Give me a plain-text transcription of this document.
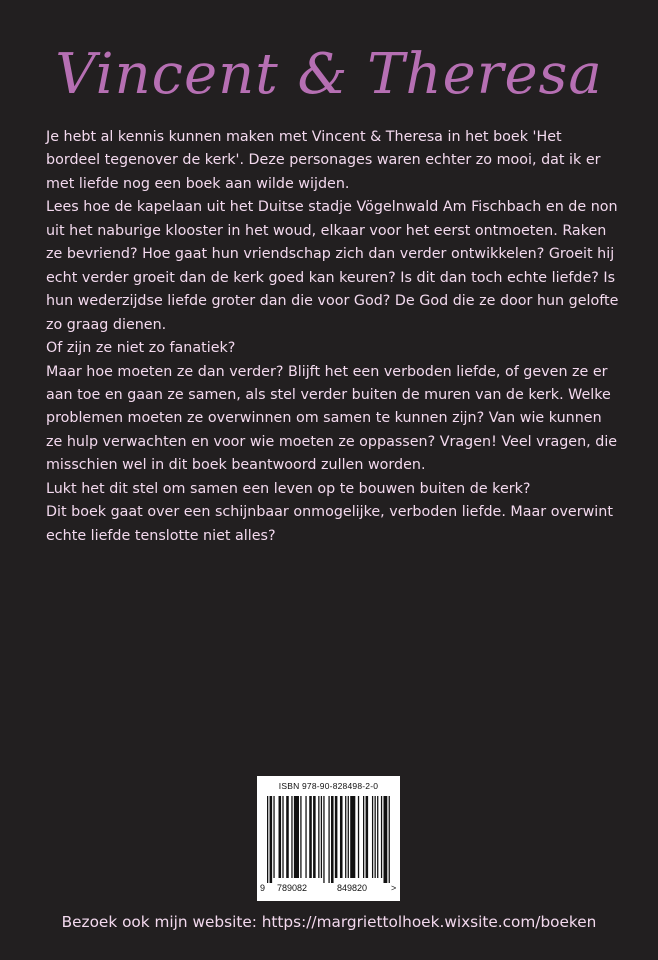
Vincent & Theresa

Je hebt al kennis kunnen maken met Vincent & Theresa in het boek 'Het bordeel tegenover de kerk'. Deze personages waren echter zo mooi, dat ik er met liefde nog een boek aan wilde wijden.

Lees hoe de kapelaan uit het Duitse stadje Vögelnwald Am Fischbach en de non uit het naburige klooster in het woud, elkaar voor het eerst ontmoeten. Raken ze bevriend? Hoe gaat hun vriendschap zich dan verder ontwikkelen? Groeit hij echt verder groeit dan de kerk goed kan keuren? Is dit dan toch echte liefde? Is hun wederzijdse liefde groter dan die voor God? De God die ze door hun gelofte zo graag dienen.

Of zijn ze niet zo fanatiek?

Maar hoe moeten ze dan verder? Blijft het een verboden liefde, of geven ze er aan toe en gaan ze samen, als stel verder buiten de muren van de kerk. Welke problemen moeten ze overwinnen om samen te kunnen zijn? Van wie kunnen ze hulp verwachten en voor wie moeten ze oppassen? Vragen! Veel vragen, die misschien wel in dit boek beantwoord zullen worden.

Lukt het dit stel om samen een leven op te bouwen buiten de kerk?

Dit boek gaat over een schijnbaar onmogelijke, verboden liefde. Maar overwint echte liefde tenslotte niet alles?

ISBN 978-90-828498-2-0
9 789082	849820	>
Bezoek ook mijn website: https://margriettolhoek.wixsite.com/boeken
